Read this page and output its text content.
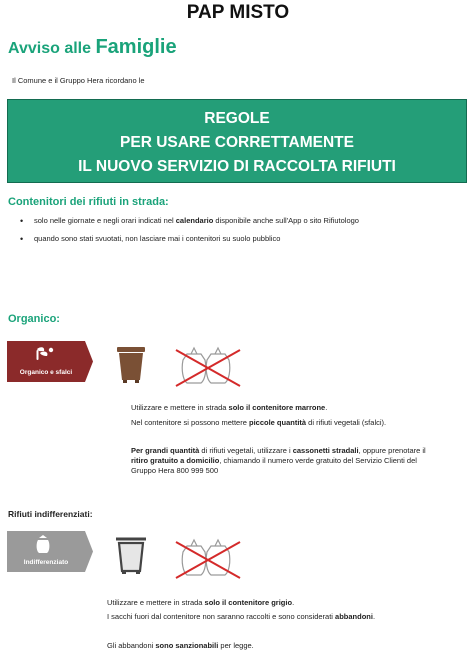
PAP MISTO
Avviso alle Famiglie
Il Comune e il Gruppo Hera ricordano le
REGOLE
PER USARE CORRETTAMENTE
IL NUOVO SERVIZIO DI RACCOLTA RIFIUTI
Contenitori dei rifiuti in strada:
• solo nelle giornate e negli orari indicati nel calendario disponibile anche sull'App o sito Rifiutologo
• quando sono stati svuotati, non lasciare mai i contenitori su suolo pubblico
Organico:
Organico e sfalci
Utilizzare e mettere in strada solo il contenitore marrone.
Nel contenitore si possono mettere piccole quantità di rifiuti vegetali (sfalci).
Per grandi quantità di rifiuti vegetali, utilizzare i cassonetti stradali, oppure prenotare il ritiro gratuito a domicilio, chiamando il numero verde gratuito del Servizio Clienti del Gruppo Hera 800 999 500
Rifiuti indifferenziati:
Indifferenziato
Utilizzare e mettere in strada solo il contenitore grigio.
I sacchi fuori dal contenitore non saranno raccolti e sono considerati abbandoni.
Gli abbandoni sono sanzionabili per legge.
